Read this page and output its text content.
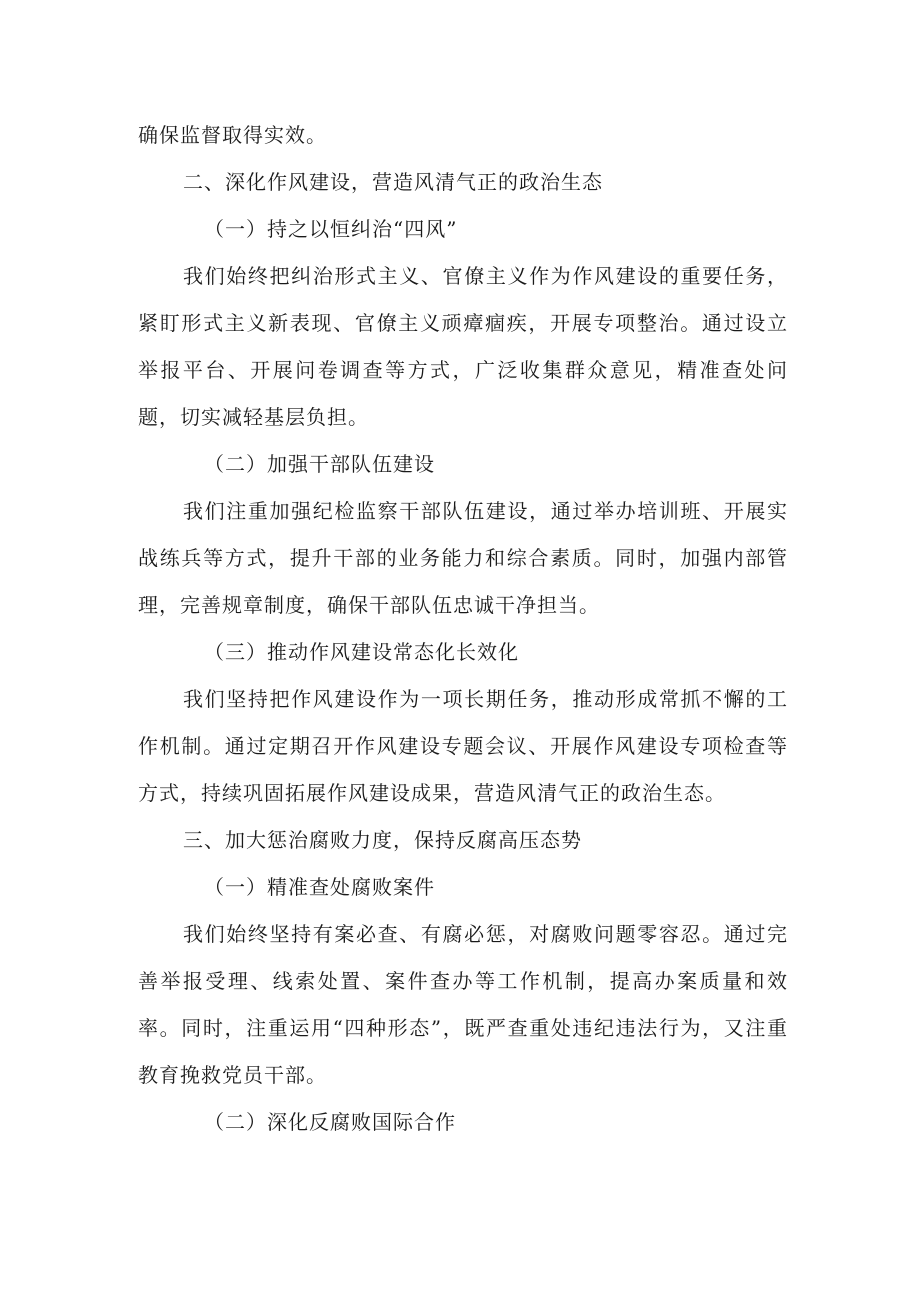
确保监督取得实效。
二、深化作风建设，营造风清气正的政治生态
（一）持之以恒纠治“四风”

我们始终把纠治形式主义、官僚主义作为作风建设的重要任务，紧盯形式主义新表现、官僚主义顽瘴痼疾，开展专项整治。通过设立举报平台、开展问卷调查等方式，广泛收集群众意见，精准查处问题，切实减轻基层负担。

（二）加强干部队伍建设

我们注重加强纪检监察干部队伍建设，通过举办培训班、开展实战练兵等方式，提升干部的业务能力和综合素质。同时，加强内部管理，完善规章制度，确保干部队伍忠诚干净担当。

（三）推动作风建设常态化长效化

我们坚持把作风建设作为一项长期任务，推动形成常抓不懈的工作机制。通过定期召开作风建设专题会议、开展作风建设专项检查等方式，持续巩固拓展作风建设成果，营造风清气正的政治生态。

三、加大惩治腐败力度，保持反腐高压态势
（一）精准查处腐败案件

我们始终坚持有案必查、有腐必惩，对腐败问题零容忍。通过完善举报受理、线索处置、案件查办等工作机制，提高办案质量和效率。同时，注重运用“四种形态”，既严查重处违纪违法行为，又注重教育挽救党员干部。

（二）深化反腐败国际合作
